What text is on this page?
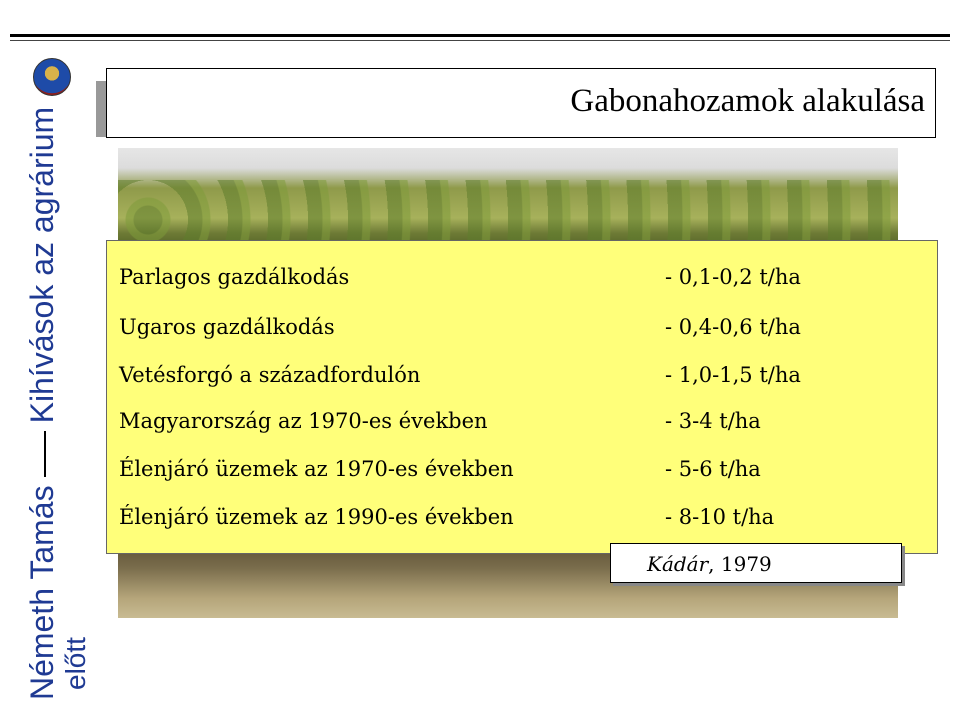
Németh TamásKihívások az agrárium
előtt
Gabonahozamok alakulása
Parlagos gazdálkodás	- 0,1-0,2 t/ha
Ugaros gazdálkodás	- 0,4-0,6 t/ha
Vetésforgó a századfordulón	- 1,0-1,5 t/ha
Magyarország az 1970-es években	- 3-4 t/ha
Élenjáró üzemek az 1970-es években	- 5-6 t/ha
Élenjáró üzemek az 1990-es években	- 8-10 t/ha
Kádár, 1979
